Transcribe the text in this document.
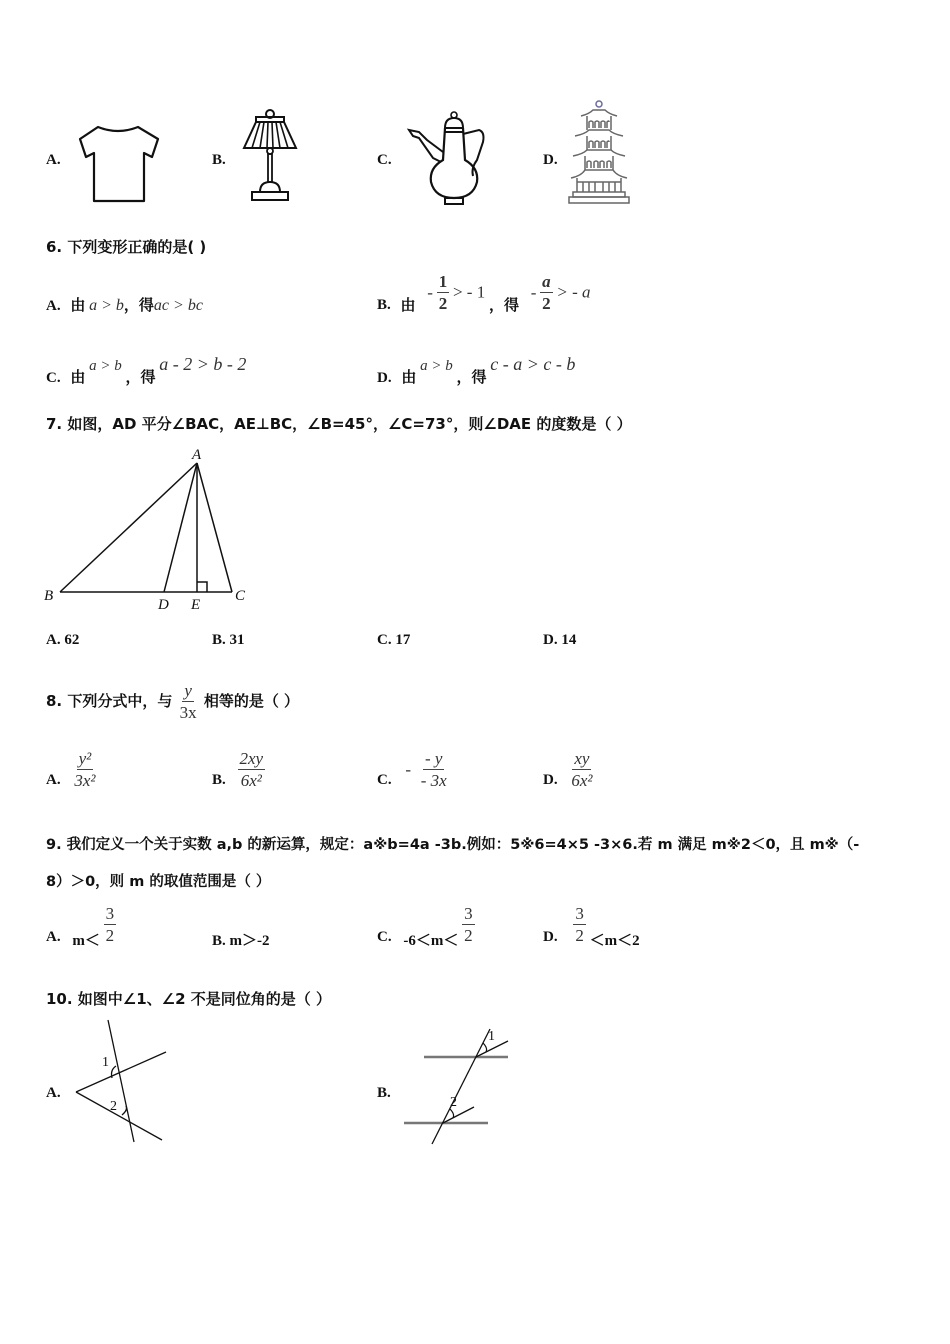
A.	B.	C.	D.
6. 下列变形正确的是( )
A. 由 a > b，得ac > bc	B. 由 - $\frac{1}{2}$ > - 1 ，得 - $\frac{a}{2}$ > - a
C. 由 a > b ，得 a - 2 > b - 2
D. 由 a > b ，得 c - a > c - b
7. 如图，AD 平分∠BAC，AE⊥BC，∠B=45°，∠C=73°，则∠DAE 的度数是（ ）
A
B	C
D E
A. 62	B. 31	C. 17	D. 14
8. 下列分式中，与 $\frac{y}{3x}$ 相等的是（ ）
A. $\frac{\text{y²}}{\text{3x²}}$	B. $\frac{2xy}{\text{6x²}}$	C. - $\frac{- y}{- 3x}$	D. $\frac{xy}{\text{6x²}}$
9. 我们定义一个关于实数 a,b 的新运算，规定：a※b=4a -3b.例如：5※6=4×5 -3×6.若 m 满足 m※2＜0，且 m※（-
8）＞0，则 m 的取值范围是（ ）
A. $m< \frac{3}{2}$	B. m＞-2	C. $-6<m< \frac{3}{2}$	D. $\frac{3}{2} <m<2$
10. 如图中∠1、∠2 不是同位角的是（ ）
A.
1
2
B.
1
2
